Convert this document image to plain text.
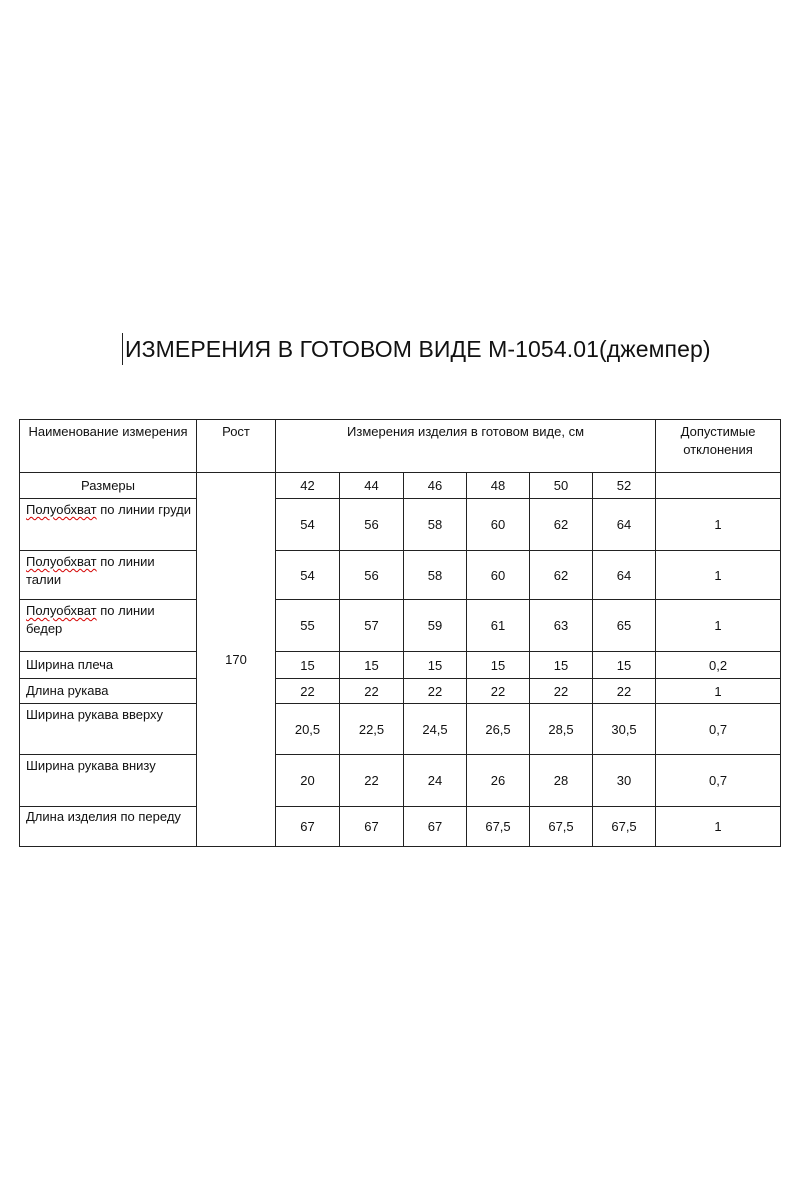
ИЗМЕРЕНИЯ В ГОТОВОМ ВИДЕ М-1054.01(джемпер)
Наименование измерения	Рост	Измерения изделия в готовом виде, см						Допустимые отклонения
Размеры	170	42	44	46	48	50	52	
Полуобхват по линии груди		54	56	58	60	62	64	1
Полуобхват по линии талии		54	56	58	60	62	64	1
Полуобхват по линии бедер		55	57	59	61	63	65	1
Ширина плеча		15	15	15	15	15	15	0,2
Длина рукава		22	22	22	22	22	22	1
Ширина рукава вверху		20,5	22,5	24,5	26,5	28,5	30,5	0,7
Ширина рукава внизу		20	22	24	26	28	30	0,7
Длина изделия по переду		67	67	67	67,5	67,5	67,5	1
